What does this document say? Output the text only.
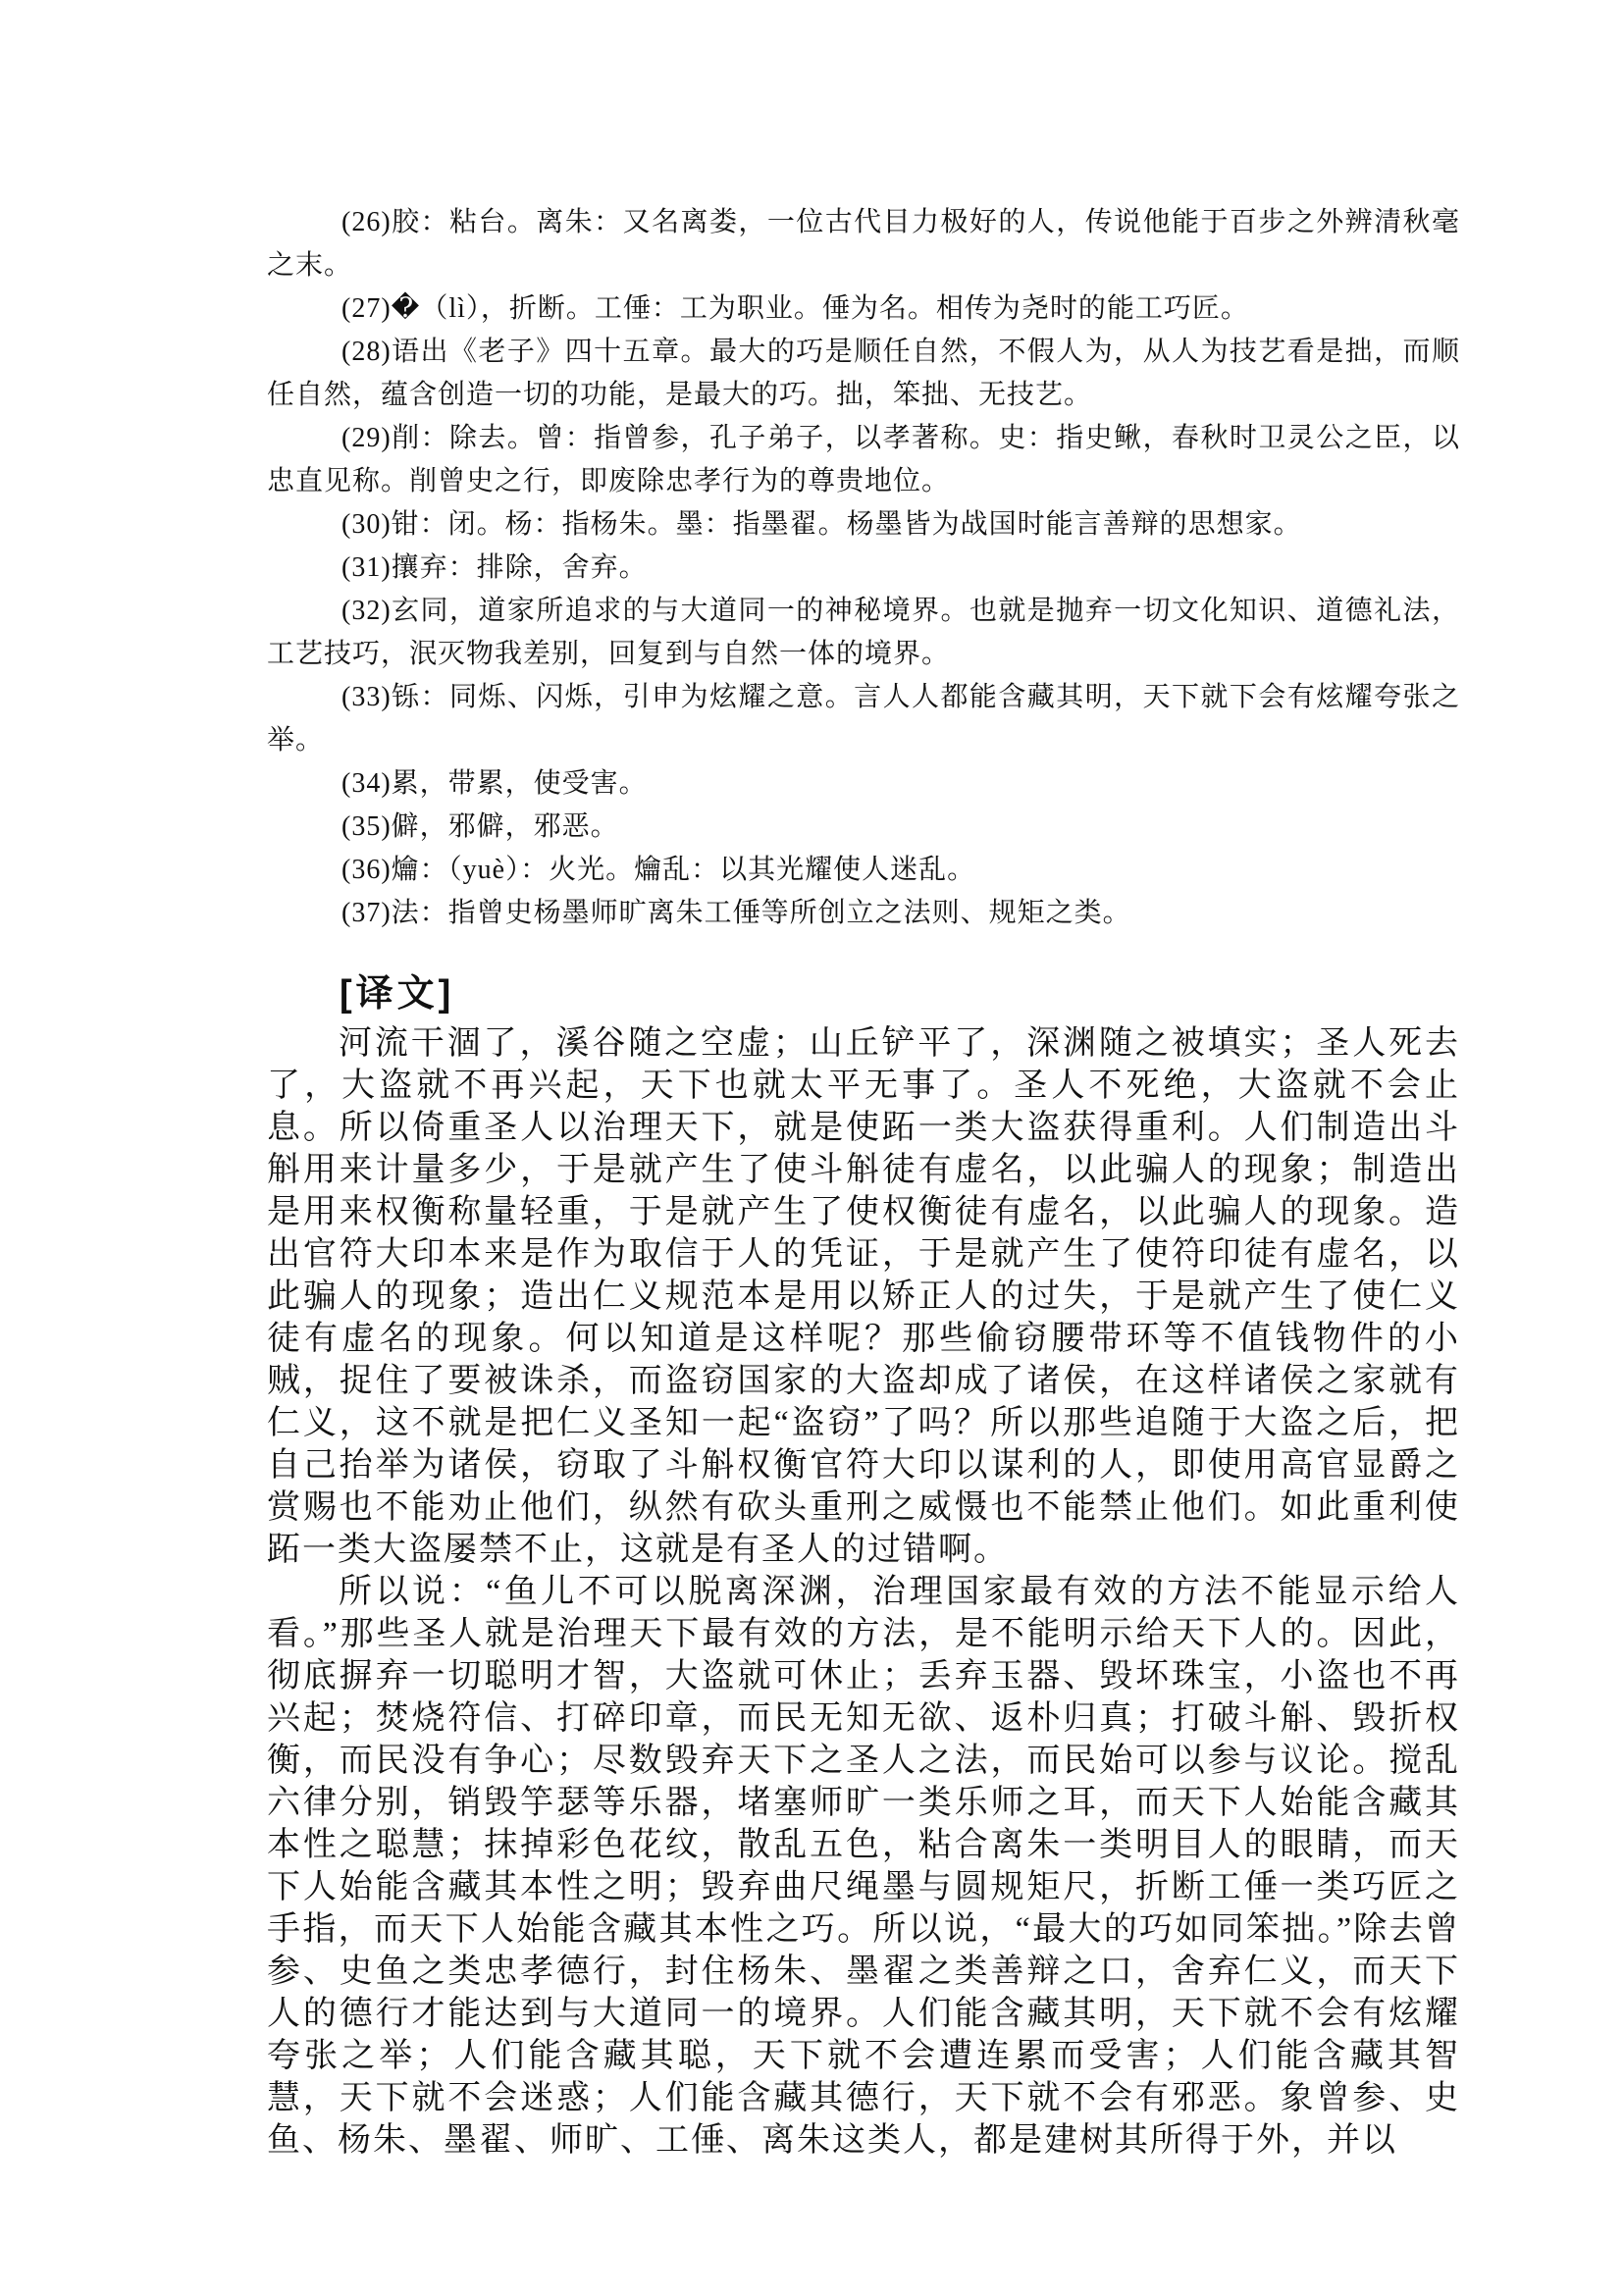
(26)胶：粘台。离朱：又名离娄，一位古代目力极好的人，传说他能于百步之外辨清秋毫之末。

(27)�（lì），折断。工倕：工为职业。倕为名。相传为尧时的能工巧匠。

(28)语出《老子》四十五章。最大的巧是顺任自然，不假人为，从人为技艺看是拙，而顺任自然，蕴含创造一切的功能，是最大的巧。拙，笨拙、无技艺。

(29)削：除去。曾：指曾参，孔子弟子，以孝著称。史：指史鳅，春秋时卫灵公之臣，以忠直见称。削曾史之行，即废除忠孝行为的尊贵地位。

(30)钳：闭。杨：指杨朱。墨：指墨翟。杨墨皆为战国时能言善辩的思想家。

(31)攘弃：排除，舍弃。

(32)玄同，道家所追求的与大道同一的神秘境界。也就是抛弃一切文化知识、道德礼法，工艺技巧，泯灭物我差别，回复到与自然一体的境界。

(33)铄：同烁、闪烁，引申为炫耀之意。言人人都能含藏其明，天下就下会有炫耀夸张之举。

(34)累，带累，使受害。

(35)僻，邪僻，邪恶。

(36)爚：（yuè）：火光。爚乱：以其光耀使人迷乱。

(37)法：指曾史杨墨师旷离朱工倕等所创立之法则、规矩之类。

[译文]

河流干涸了，溪谷随之空虚；山丘铲平了，深渊随之被填实；圣人死去了，大盗就不再兴起，天下也就太平无事了。圣人不死绝，大盗就不会止息。所以倚重圣人以治理天下，就是使跖一类大盗获得重利。人们制造出斗斛用来计量多少，于是就产生了使斗斛徒有虚名，以此骗人的现象；制造出是用来权衡称量轻重，于是就产生了使权衡徒有虚名，以此骗人的现象。造出官符大印本来是作为取信于人的凭证，于是就产生了使符印徒有虚名，以此骗人的现象；造出仁义规范本是用以矫正人的过失，于是就产生了使仁义徒有虚名的现象。何以知道是这样呢？那些偷窃腰带环等不值钱物件的小贼，捉住了要被诛杀，而盗窃国家的大盗却成了诸侯，在这样诸侯之家就有仁义，这不就是把仁义圣知一起“盗窃”了吗？所以那些追随于大盗之后，把自己抬举为诸侯，窃取了斗斛权衡官符大印以谋利的人，即使用高官显爵之赏赐也不能劝止他们，纵然有砍头重刑之威慑也不能禁止他们。如此重利使跖一类大盗屡禁不止，这就是有圣人的过错啊。

所以说：“鱼儿不可以脱离深渊，治理国家最有效的方法不能显示给人看。”那些圣人就是治理天下最有效的方法，是不能明示给天下人的。因此，彻底摒弃一切聪明才智，大盗就可休止；丢弃玉器、毁坏珠宝，小盗也不再兴起；焚烧符信、打碎印章，而民无知无欲、返朴归真；打破斗斛、毁折权衡，而民没有争心；尽数毁弃天下之圣人之法，而民始可以参与议论。搅乱六律分别，销毁竽瑟等乐器，堵塞师旷一类乐师之耳，而天下人始能含藏其本性之聪慧；抹掉彩色花纹，散乱五色，粘合离朱一类明目人的眼睛，而天下人始能含藏其本性之明；毁弃曲尺绳墨与圆规矩尺，折断工倕一类巧匠之手指，而天下人始能含藏其本性之巧。所以说，“最大的巧如同笨拙。”除去曾参、史鱼之类忠孝德行，封住杨朱、墨翟之类善辩之口，舍弃仁义，而天下人的德行才能达到与大道同一的境界。人们能含藏其明，天下就不会有炫耀夸张之举；人们能含藏其聪，天下就不会遭连累而受害；人们能含藏其智慧，天下就不会迷惑；人们能含藏其德行，天下就不会有邪恶。象曾参、史鱼、杨朱、墨翟、师旷、工倕、离朱这类人，都是建树其所得于外，并以
